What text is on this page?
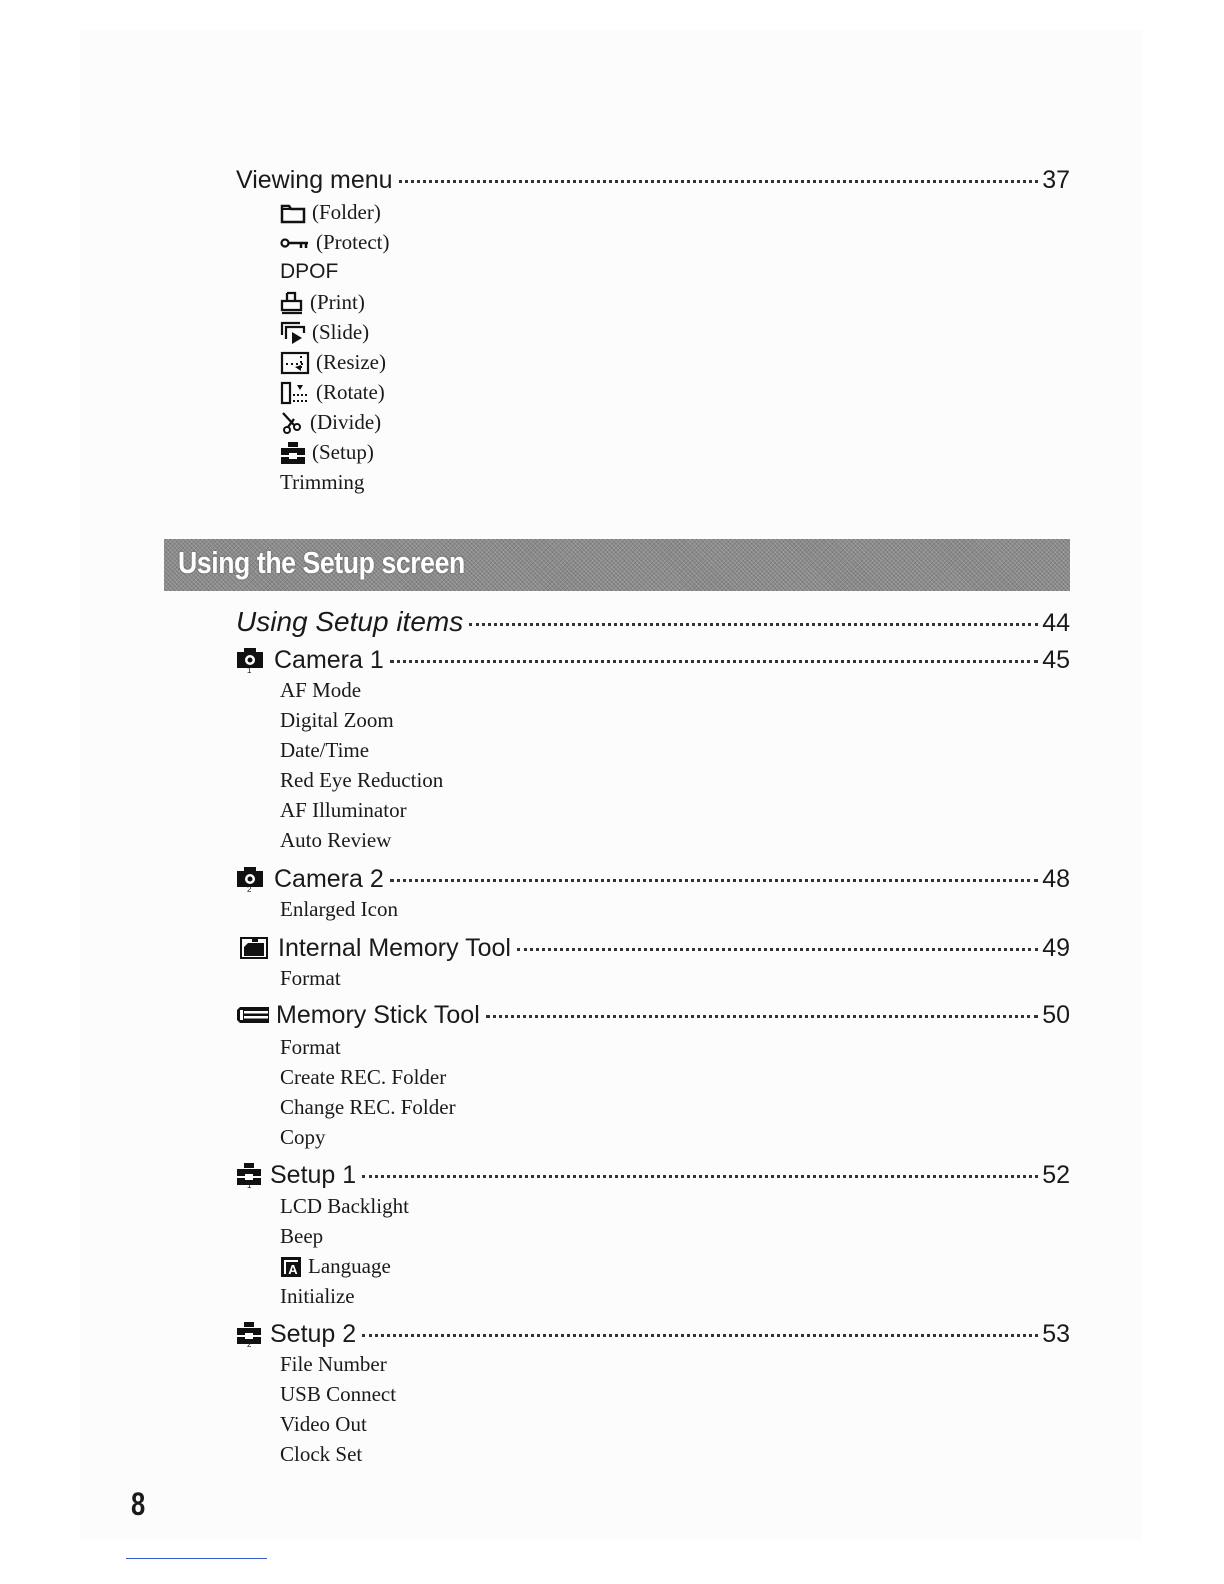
Viewing menu	37
(Folder)
(Protect)
DPOF
(Print)
(Slide)
(Resize)
(Rotate)
(Divide)
(Setup)
Trimming
Using the Setup screen
Using Setup items	44
1 Camera 1	45
AF Mode
Digital Zoom
Date/Time
Red Eye Reduction
AF Illuminator
Auto Review
2 Camera 2	48
Enlarged Icon
Internal Memory Tool	49
Format
Memory Stick Tool	50
Format
Create REC. Folder
Change REC. Folder
Copy
1 Setup 1	52
LCD Backlight
Beep
A Language
Initialize
2 Setup 2	53
File Number
USB Connect
Video Out
Clock Set
8
